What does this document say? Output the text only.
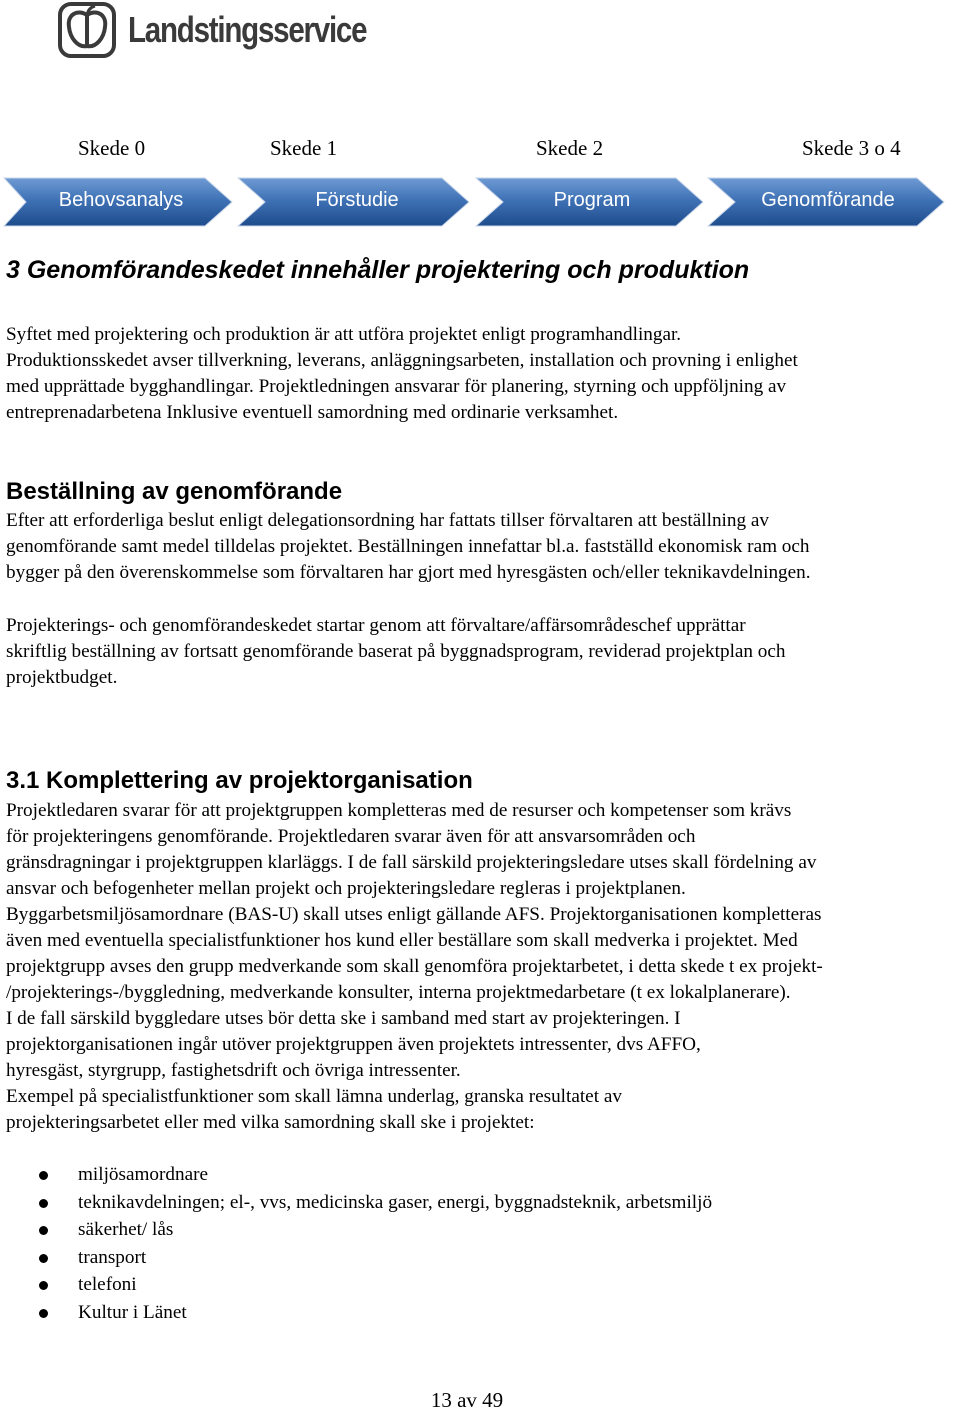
Landstingsservice
Skede 0	Skede 1	Skede 2	Skede 3 o 4
Behovsanalys	Förstudie	Program	Genomförande
3 Genomförandeskedet innehåller projektering och produktion
Syftet med projektering och produktion är att utföra projektet enligt programhandlingar.
Produktionsskedet avser tillverkning, leverans, anläggningsarbeten, installation och provning i enlighet
med upprättade bygghandlingar. Projektledningen ansvarar för planering, styrning och uppföljning av
entreprenadarbetena Inklusive eventuell samordning med ordinarie verksamhet.
Beställning av genomförande
Efter att erforderliga beslut enligt delegationsordning har fattats tillser förvaltaren att beställning av
genomförande samt medel tilldelas projektet. Beställningen innefattar bl.a. fastställd ekonomisk ram och
bygger på den överenskommelse som förvaltaren har gjort med hyresgästen och/eller teknikavdelningen.
Projekterings- och genomförandeskedet startar genom att förvaltare/affärsområdeschef upprättar
skriftlig beställning av fortsatt genomförande baserat på byggnadsprogram, reviderad projektplan och
projektbudget.
3.1 Komplettering av projektorganisation
Projektledaren svarar för att projektgruppen kompletteras med de resurser och kompetenser som krävs
för projekteringens genomförande. Projektledaren svarar även för att ansvarsområden och
gränsdragningar i projektgruppen klarläggs. I de fall särskild projekteringsledare utses skall fördelning av
ansvar och befogenheter mellan projekt och projekteringsledare regleras i projektplanen.
Byggarbetsmiljösamordnare (BAS-U) skall utses enligt gällande AFS. Projektorganisationen kompletteras
även med eventuella specialistfunktioner hos kund eller beställare som skall medverka i projektet. Med
projektgrupp avses den grupp medverkande som skall genomföra projektarbetet, i detta skede t ex projekt-
/projekterings-/byggledning, medverkande konsulter, interna projektmedarbetare (t ex lokalplanerare).
I de fall särskild byggledare utses bör detta ske i samband med start av projekteringen. I
projektorganisationen ingår utöver projektgruppen även projektets intressenter, dvs AFFO,
hyresgäst, styrgrupp, fastighetsdrift och övriga intressenter.
Exempel på specialistfunktioner som skall lämna underlag, granska resultatet av
projekteringsarbetet eller med vilka samordning skall ske i projektet:
miljösamordnare
teknikavdelningen; el-, vvs, medicinska gaser, energi, byggnadsteknik, arbetsmiljö
säkerhet/ lås
transport
telefoni
Kultur i Länet
13 av 49
